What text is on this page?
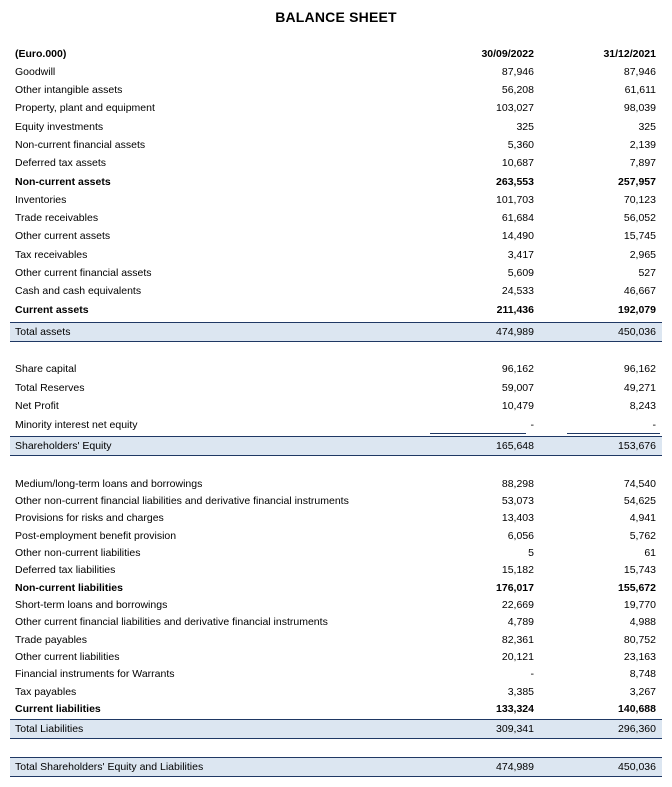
BALANCE SHEET
(Euro.000)	30/09/2022	31/12/2021
Goodwill	87,946	87,946
Other intangible assets	56,208	61,611
Property, plant and equipment	103,027	98,039
Equity investments	325	325
Non-current financial assets	5,360	2,139
Deferred tax assets	10,687	7,897
Non-current assets	263,553	257,957
Inventories	101,703	70,123
Trade receivables	61,684	56,052
Other current assets	14,490	15,745
Tax receivables	3,417	2,965
Other current financial assets	5,609	527
Cash and cash equivalents	24,533	46,667
Current assets	211,436	192,079
Total assets	474,989	450,036
Share capital	96,162	96,162
Total Reserves	59,007	49,271
Net Profit	10,479	8,243
Minority interest net equity	-	-
Shareholders' Equity	165,648	153,676
Medium/long-term loans and borrowings	88,298	74,540
Other non-current financial liabilities and derivative financial instruments	53,073	54,625
Provisions for risks and charges	13,403	4,941
Post-employment benefit provision	6,056	5,762
Other non-current liabilities	5	61
Deferred tax liabilities	15,182	15,743
Non-current liabilities	176,017	155,672
Short-term loans and borrowings	22,669	19,770
Other current financial liabilities and derivative financial instruments	4,789	4,988
Trade payables	82,361	80,752
Other current liabilities	20,121	23,163
Financial instruments for Warrants	-	8,748
Tax payables	3,385	3,267
Current liabilities	133,324	140,688
Total Liabilities	309,341	296,360
Total Shareholders' Equity and Liabilities	474,989	450,036
